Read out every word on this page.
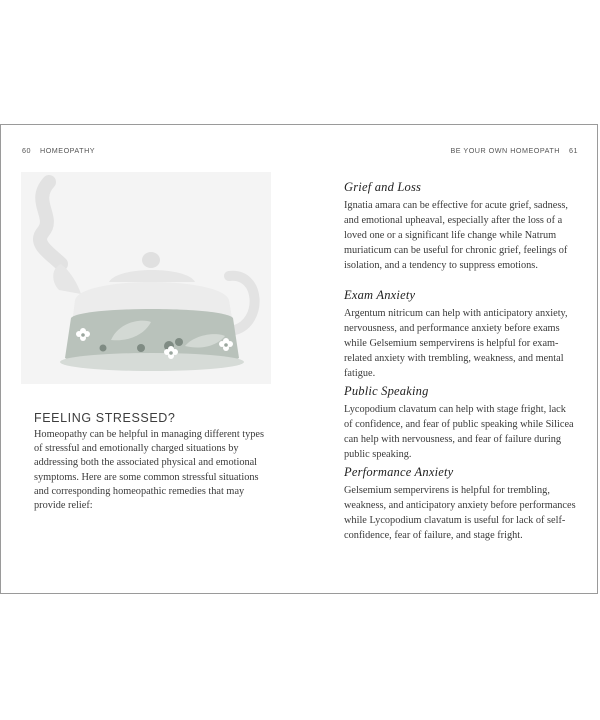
60 HOMEOPATHY
FEELING STRESSED?
Homeopathy can be helpful in managing different types of stressful and emotionally charged situations by addressing both the associated physical and emotional symptoms. Here are some common stressful situations and corresponding homeopathic remedies that may provide relief:
BE YOUR OWN HOMEOPATH 61
Grief and Loss

Ignatia amara can be effective for acute grief, sadness, and emotional upheaval, especially after the loss of a loved one or a significant life change while Natrum muriaticum can be useful for chronic grief, feelings of isolation, and a tendency to suppress emotions.

Exam Anxiety

Argentum nitricum can help with anticipatory anxiety, nervousness, and performance anxiety before exams while Gelsemium sempervirens is helpful for exam-related anxiety with trembling, weakness, and mental fatigue.

Public Speaking

Lycopodium clavatum can help with stage fright, lack of confidence, and fear of public speaking while Silicea can help with nervousness, and fear of failure during public speaking.

Performance Anxiety

Gelsemium sempervirens is helpful for trembling, weakness, and anticipatory anxiety before performances while Lycopodium clavatum is useful for lack of self-confidence, fear of failure, and stage fright.
